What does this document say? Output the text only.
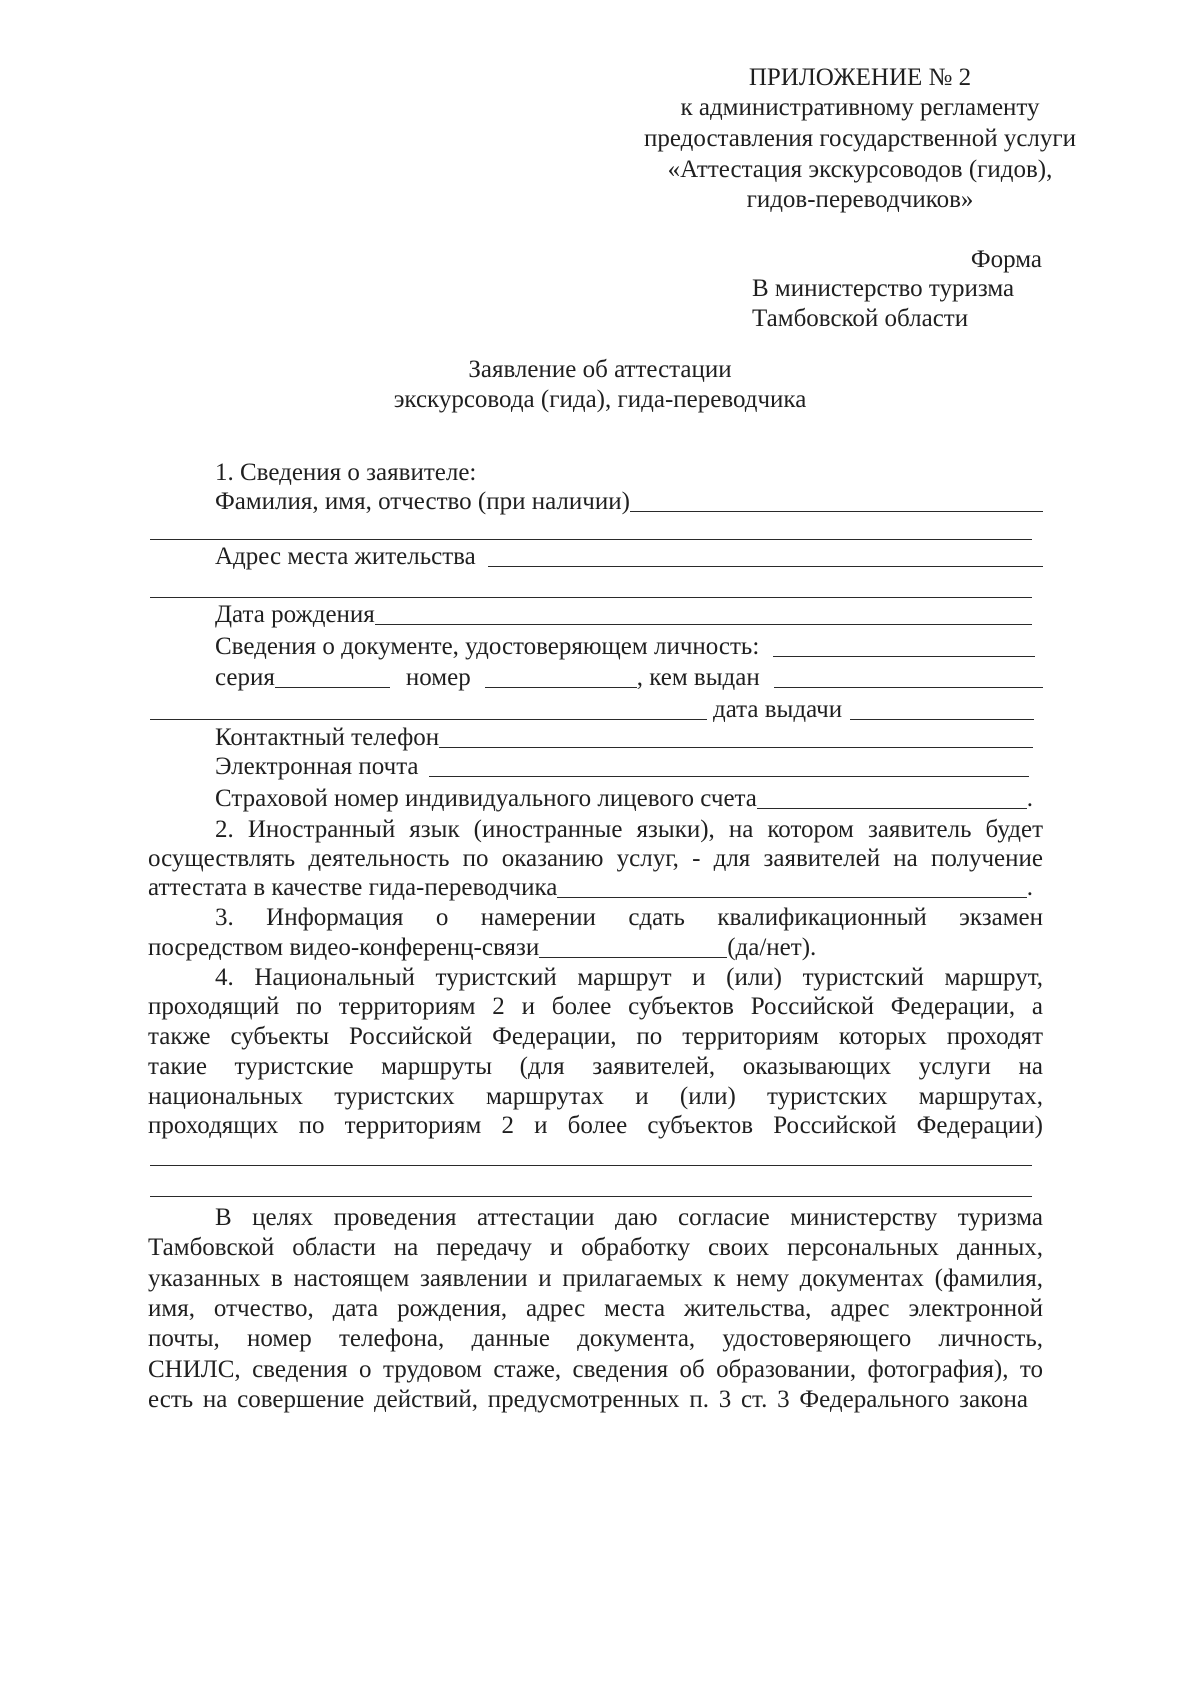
ПРИЛОЖЕНИЕ № 2
к административному регламенту
предоставления государственной услуги
«Аттестация экскурсоводов (гидов),
гидов-переводчиков»
Форма
В министерство туризма
Тамбовской области
Заявление об аттестации
экскурсовода (гида), гида-переводчика
1. Сведения о заявителе:
Фамилия, имя, отчество (при наличии)
Адрес места жительства
Дата рождения
Сведения о документе, удостоверяющем личность:
серия	номер	, кем выдан
дата выдачи
Контактный телефон
Электронная почта
Страховой номер индивидуального лицевого счета	.
2. Иностранный язык (иностранные языки), на котором заявитель будет
осуществлять деятельность по оказанию услуг, - для заявителей на получение
аттестата в качестве гида-переводчика	.
3. Информация о намерении сдать квалификационный экзамен
посредством видео-конференц-связи	(да/нет).
4. Национальный туристский маршрут и (или) туристский маршрут,
проходящий по территориям 2 и более субъектов Российской Федерации, а
также субъекты Российской Федерации, по территориям которых проходят
такие туристские маршруты (для заявителей, оказывающих услуги на
национальных туристских маршрутах и (или) туристских маршрутах,
проходящих по территориям 2 и более субъектов Российской Федерации)
В целях проведения аттестации даю согласие министерству туризма
Тамбовской области на передачу и обработку своих персональных данных,
указанных в настоящем заявлении и прилагаемых к нему документах (фамилия,
имя, отчество, дата рождения, адрес места жительства, адрес электронной
почты, номер телефона, данные документа, удостоверяющего личность,
СНИЛС, сведения о трудовом стаже, сведения об образовании, фотография), то
есть на совершение действий, предусмотренных п. 3 ст. 3 Федерального закона
